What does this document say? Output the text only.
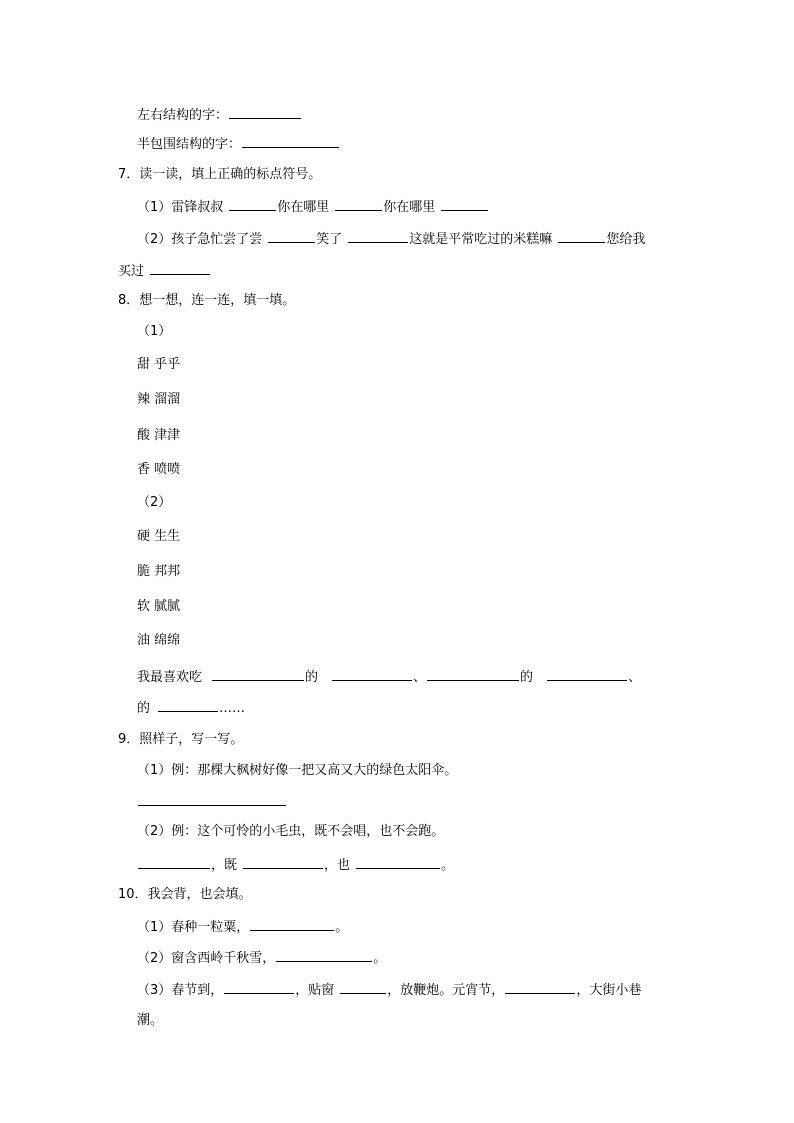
左右结构的字：
半包围结构的字：
7．读一读，填上正确的标点符号。
（1）雷锋叔叔	你在哪里	你在哪里
（2）孩子急忙尝了尝	笑了	这就是平常吃过的米糕嘛	您给我
买过
8．想一想，连一连，填一填。
（1）
甜 乎乎
辣 溜溜
酸 津津
香 喷喷
（2）
硬 生生
脆 邦邦
软 腻腻
油 绵绵
我最喜欢吃	的	、	的	、
的	……
9．照样子，写一写。
（1）例：那棵大枫树好像一把又高又大的绿色太阳伞。
（2）例：这个可怜的小毛虫，既不会唱，也不会跑。
，既	，也	。
10．我会背，也会填。
（1）春种一粒粟，	。
（2）窗含西岭千秋雪，	。
（3）春节到，	，贴窗	，放鞭炮。元宵节，	，大街小巷
潮。
